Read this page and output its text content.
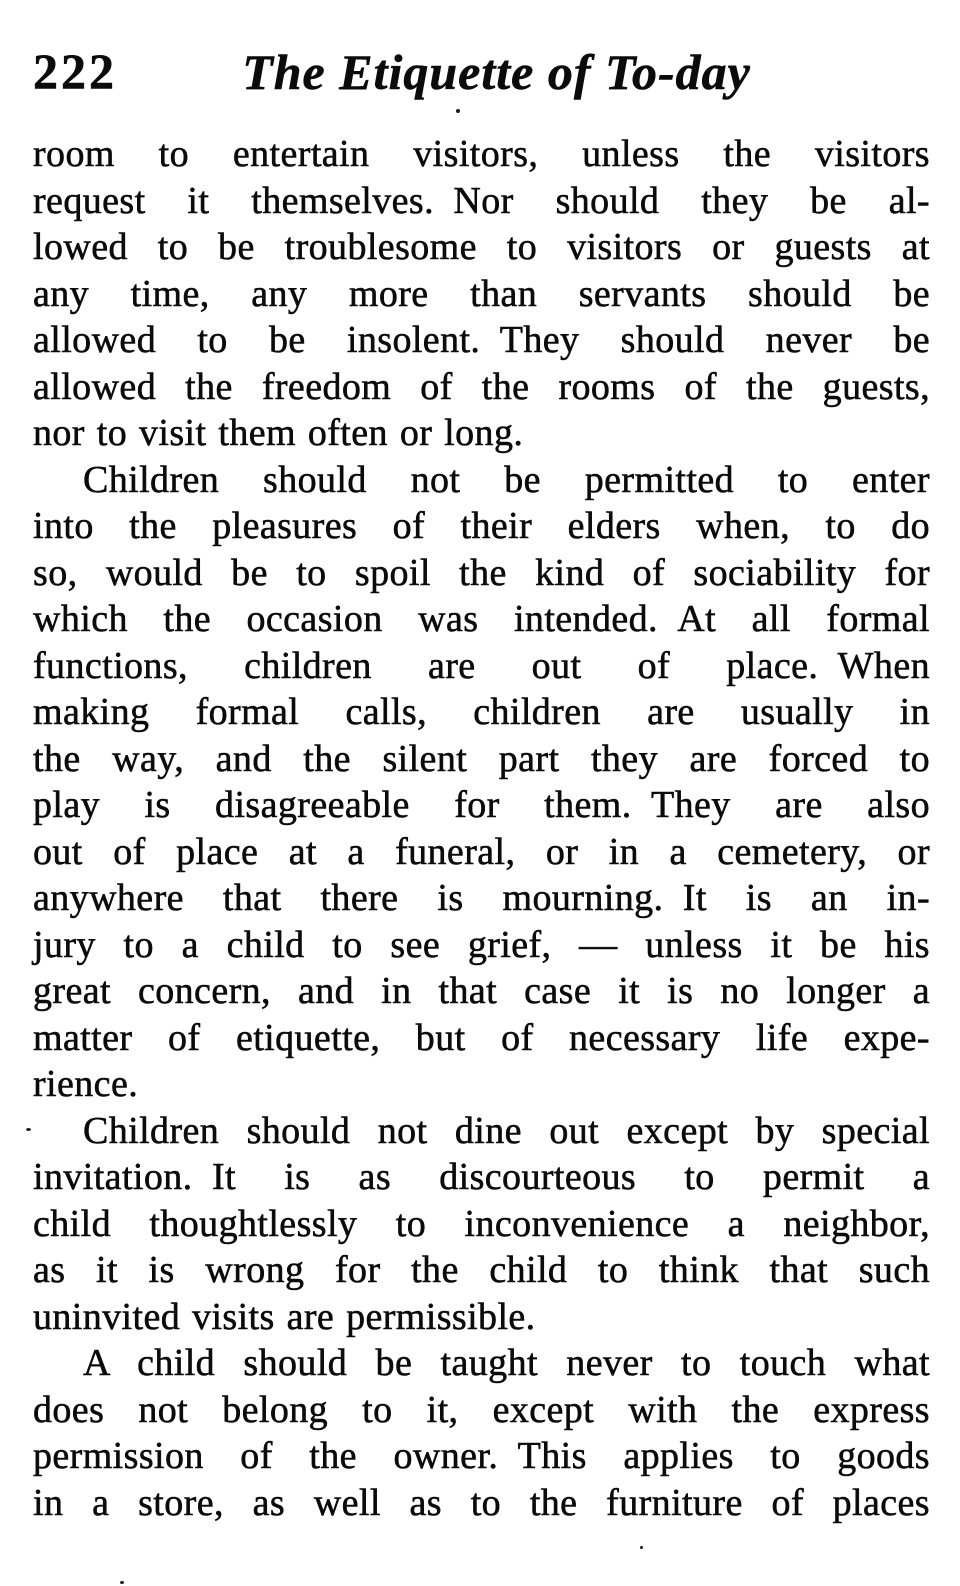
222	The Etiquette of To-day
room to entertain visitors, unless the visitors
request it themselves. Nor should they be al-
lowed to be troublesome to visitors or guests at
any time, any more than servants should be
allowed to be insolent. They should never be
allowed the freedom of the rooms of the guests,
nor to visit them often or long.
Children should not be permitted to enter
into the pleasures of their elders when, to do
so, would be to spoil the kind of sociability for
which the occasion was intended. At all formal
functions, children are out of place. When
making formal calls, children are usually in
the way, and the silent part they are forced to
play is disagreeable for them. They are also
out of place at a funeral, or in a cemetery, or
anywhere that there is mourning. It is an in-
jury to a child to see grief, — unless it be his
great concern, and in that case it is no longer a
matter of etiquette, but of necessary life expe-
rience.
Children should not dine out except by special
invitation. It is as discourteous to permit a
child thoughtlessly to inconvenience a neighbor,
as it is wrong for the child to think that such
uninvited visits are permissible.
A child should be taught never to touch what
does not belong to it, except with the express
permission of the owner. This applies to goods
in a store, as well as to the furniture of places
